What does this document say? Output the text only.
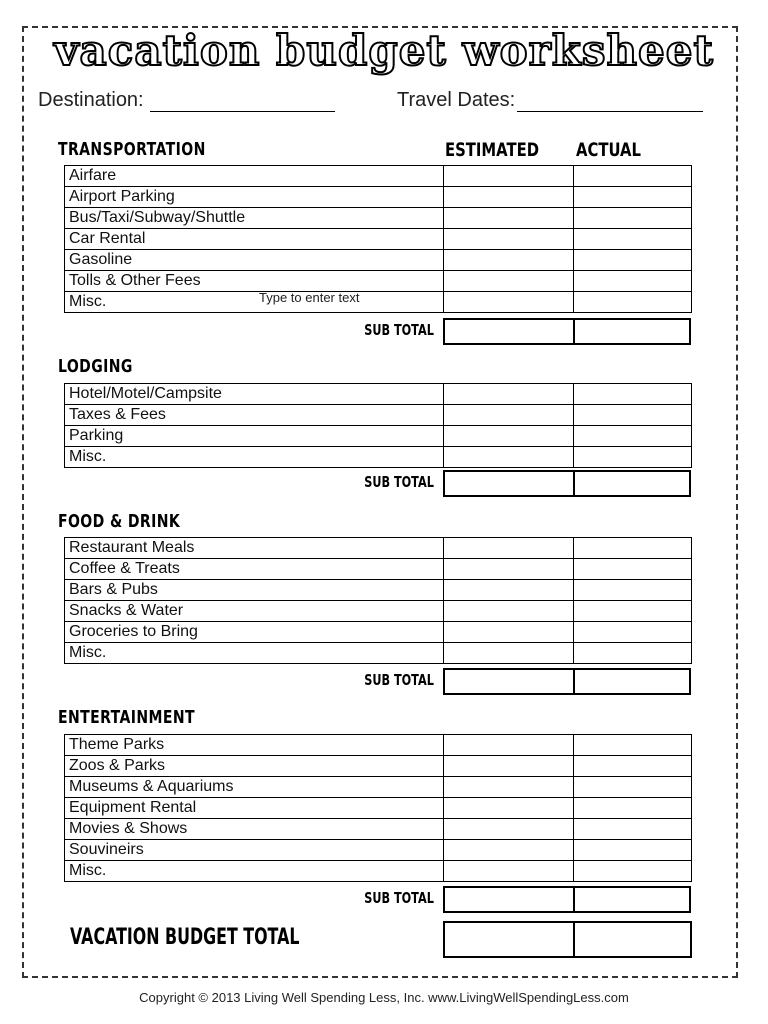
vacation budget worksheet
Destination:	Travel Dates:
ESTIMATED ACTUAL
TRANSPORTATION
Airfare		
Airport Parking		
Bus/Taxi/Subway/Shuttle		
Car Rental		
Gasoline		
Tolls & Other Fees		
Misc.		
SUB TOTAL
Type to enter text
LODGING
Hotel/Motel/Campsite		
Taxes & Fees		
Parking		
Misc.		
SUB TOTAL
FOOD & DRINK
Restaurant Meals		
Coffee & Treats		
Bars & Pubs		
Snacks & Water		
Groceries to Bring		
Misc.		
SUB TOTAL
ENTERTAINMENT
Theme Parks		
Zoos & Parks		
Museums & Aquariums		
Equipment Rental		
Movies & Shows		
Souvineirs		
Misc.		
SUB TOTAL
VACATION BUDGET TOTAL
Copyright © 2013 Living Well Spending Less, Inc. www.LivingWellSpendingLess.com
